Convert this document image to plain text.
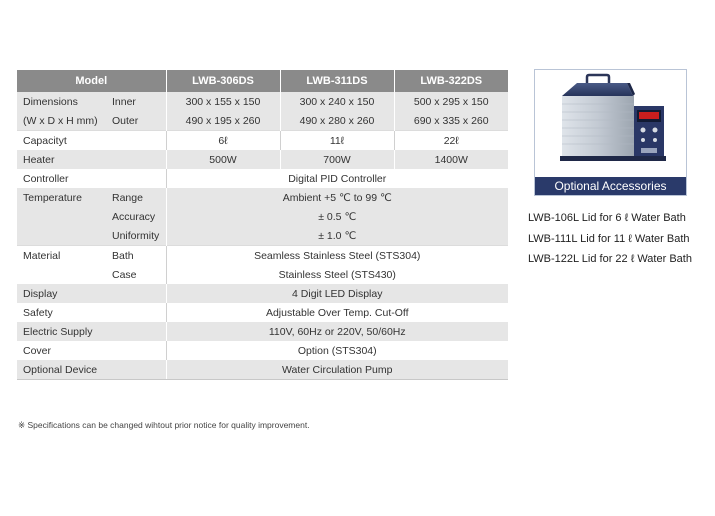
Model		LWB-306DS	LWB-311DS	LWB-322DS
Dimensions	Inner	300 x 155 x 150	300 x 240 x 150	500 x 295 x 150
(W x D x H mm)	Outer	490 x 195 x 260	490 x 280 x 260	690 x 335 x 260
Capacityt		6ℓ	11ℓ	22ℓ
Heater		500W	700W	1400W
Controller		Digital PID Controller		
Temperature	Range	Ambient +5 ℃ to 99 ℃		
	Accuracy	± 0.5 ℃		
	Uniformity	± 1.0 ℃		
Material	Bath	Seamless Stainless Steel (STS304)		
	Case	Stainless Steel (STS430)		
Display		4 Digit LED Display		
Safety		Adjustable Over Temp. Cut-Off		
Electric Supply		110V, 60Hz or 220V, 50/60Hz		
Cover		Option (STS304)		
Optional Device		Water Circulation Pump		
※ Specifications can be changed wihtout prior notice for quality improvement.
Optional Accessories
LWB-106L Lid for 6 ℓ Water Bath
LWB-111L Lid for 11 ℓ Water Bath
LWB-122L Lid for 22 ℓ Water Bath
